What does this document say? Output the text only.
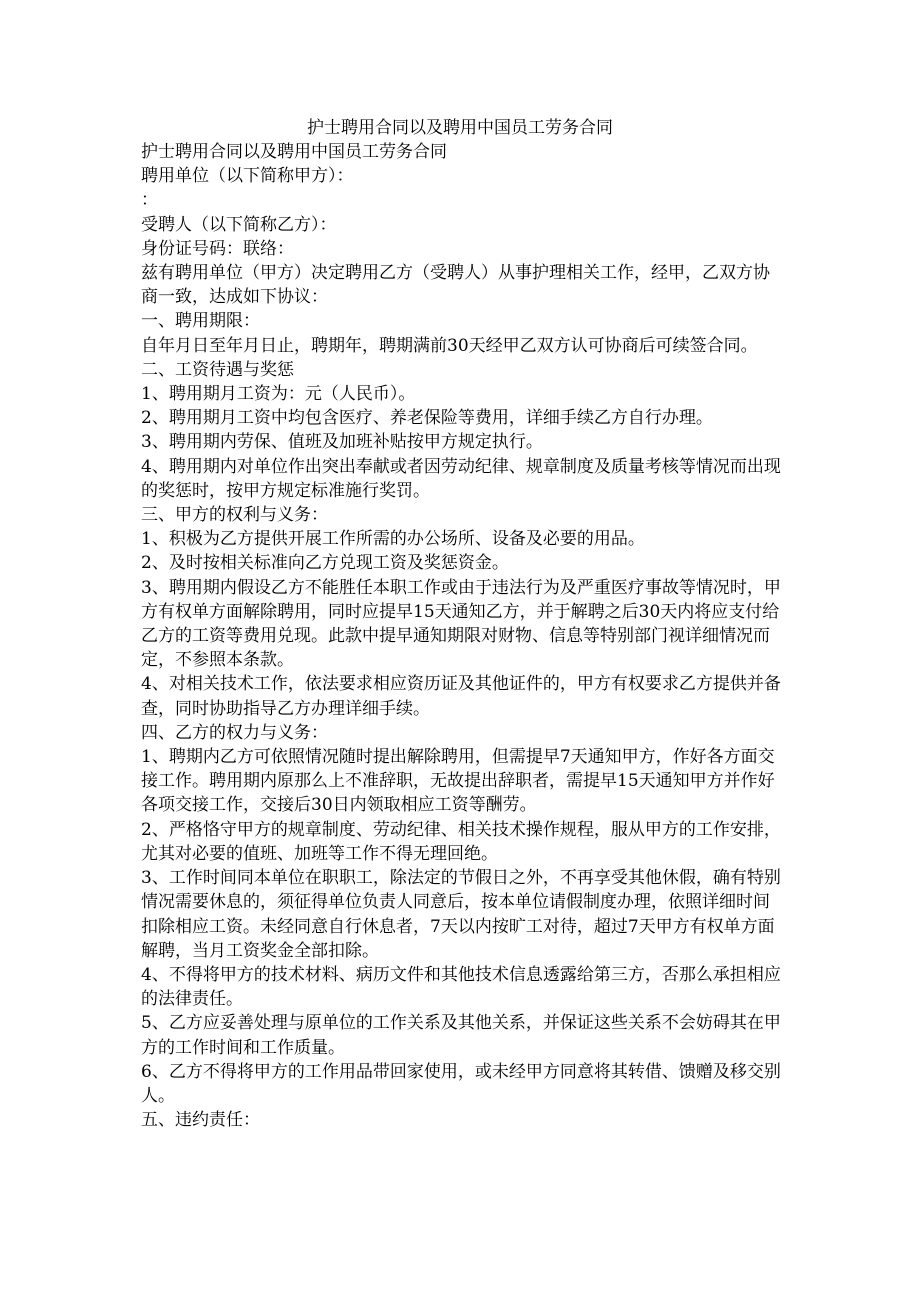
护士聘用合同以及聘用中国员工劳务合同

护士聘用合同以及聘用中国员工劳务合同

聘用单位（以下简称甲方）：

：

受聘人（以下简称乙方）：

身份证号码：联络：

兹有聘用单位（甲方）决定聘用乙方（受聘人）从事护理相关工作，经甲，乙双方协商一致，达成如下协议：

一、聘用期限：

自年月日至年月日止，聘期年，聘期满前30天经甲乙双方认可协商后可续签合同。

二、工资待遇与奖惩

1、聘用期月工资为：元（人民币）。

2、聘用期月工资中均包含医疗、养老保险等费用，详细手续乙方自行办理。

3、聘用期内劳保、值班及加班补贴按甲方规定执行。

4、聘用期内对单位作出突出奉献或者因劳动纪律、规章制度及质量考核等情况而出现的奖惩时，按甲方规定标准施行奖罚。

三、甲方的权利与义务：

1、积极为乙方提供开展工作所需的办公场所、设备及必要的用品。

2、及时按相关标准向乙方兑现工资及奖惩资金。

3、聘用期内假设乙方不能胜任本职工作或由于违法行为及严重医疗事故等情况时，甲方有权单方面解除聘用，同时应提早15天通知乙方，并于解聘之后30天内将应支付给乙方的工资等费用兑现。此款中提早通知期限对财物、信息等特别部门视详细情况而定，不参照本条款。

4、对相关技术工作，依法要求相应资历证及其他证件的，甲方有权要求乙方提供并备查，同时协助指导乙方办理详细手续。

四、乙方的权力与义务：

1、聘期内乙方可依照情况随时提出解除聘用，但需提早7天通知甲方，作好各方面交接工作。聘用期内原那么上不准辞职，无故提出辞职者，需提早15天通知甲方并作好各项交接工作，交接后30日内领取相应工资等酬劳。

2、严格恪守甲方的规章制度、劳动纪律、相关技术操作规程，服从甲方的工作安排，尤其对必要的值班、加班等工作不得无理回绝。

3、工作时间同本单位在职职工，除法定的节假日之外，不再享受其他休假，确有特别情况需要休息的，须征得单位负责人同意后，按本单位请假制度办理，依照详细时间扣除相应工资。未经同意自行休息者，7天以内按旷工对待，超过7天甲方有权单方面解聘，当月工资奖金全部扣除。

4、不得将甲方的技术材料、病历文件和其他技术信息透露给第三方，否那么承担相应的法律责任。

5、乙方应妥善处理与原单位的工作关系及其他关系，并保证这些关系不会妨碍其在甲方的工作时间和工作质量。

6、乙方不得将甲方的工作用品带回家使用，或未经甲方同意将其转借、馈赠及移交别人。

五、违约责任：
